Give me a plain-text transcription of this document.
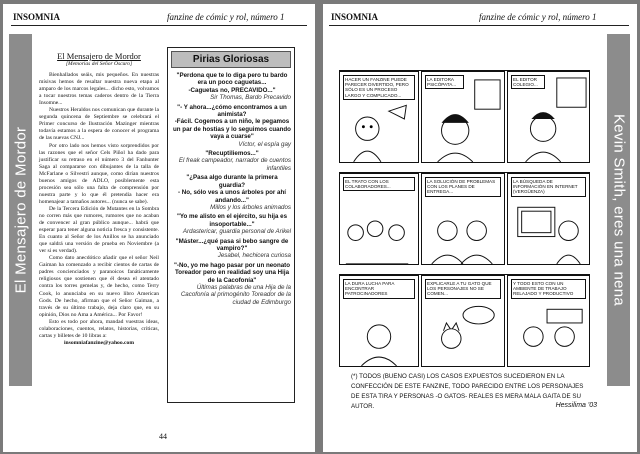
INSOMNIA	fanzine de cómic y rol, número 1
El Mensajero de Mordor

El Mensajero de Mordor

[Memorias del Señor Oscuro]

Bienhallados seáis, mis pequeños. En nuestras mísivas hemos de resaltar nuestra nueva etapa al amparo de los marcos legales... dicho esto, volvamos a tocar nuestros temas caderos dentro de la Tierra Insomne...

Nuestros Heraldos nos comunican que durante la segunda quincena de Septiembre se celebrará el Primer concurso de Ilustración Mazinger mientras todavía estamos a la espera de conocer el programa de las nuevas CNJ...

Por otro lado nos hemos visto sorprendidos por las razones que el señor Cels Piñol ha dado para justificar su retraso en el número 3 del Fanhunter Saga al compararse con dibujantes de la talla de McFarlane o Silvestri aunque, como dirían nuestros buenos amigos de ADLO, posiblemente esta procesión sea sólo una falta de comprensión por nuestra parte y lo que él pretendía hacer era homenajear a tamaños autores... (nunca se sabe).

De la Tercera Edición de Mutantes en la Sombra no corren más que rumores, rumores que no acaban de convencer al gran público aunque... habrá que esperar para tener alguna noticia fresca y consistente. En cuanto al Señor de los Anillos se ha anunciado que saldrá una versión de prueba en Noviembre (a ver si es verdad).

Como dato anecdótico añadir que el señor Neil Gaiman ha comenzado a recibir cientos de cartas de padres concienciados y paranoicos fanáticamente religiosos que sostienen que él desea el atentado contra los torres gemelas y, de hecho, como Terry Cook, lo anunciaba en su nuevo libro American Gods. De hecho, afirman que el Señor Gaiman, a través de su último trabajo, deja claro que, en su opinión, Dios no Ama a América... Por Favor!

Esto es todo por ahora, mandad vuestras ideas, colaboraciones, cuentos, relatos, historias, críticas, cartas y billetes de 10 libras a:

insomniafanzine@yahoo.com

Pirias Gloriosas
"Perdona que te lo diga pero tu bardo era un poco caguetas...
-Caguetas no, PRECAVIDO..."
Sir Thomas, Bardo Precavido
"- Y ahora...¿cómo encontramos a un animista?
-Fácil. Cogemos a un niño, le pegamos un par de hostias y lo seguimos cuando vaya a cuarse"
Víctor, el espía gay
"Recuptiliemos..."
El freak campeador, narrador de cuentos infantiles
"¿Pasa algo durante la primera guardia?
- No, sólo ves a unos árboles por ahí andando..."
Millos y los árboles animados
"Yo me alisto en el ejército, su hija es insoportable..."
Ardastericar, guardia personal de Arikel
"Máster...¿qué pasa si bebo sangre de vampiro?"
Jesabel, hechicera curiosa
"-No, yo me hago pasar por un neonato Toreador pero en realidad soy una Hija de la Cacofonía"
Últimas palabras de una Hija de la Cacofonía al primogénito Toreador de la ciudad de Edimburgo
44
INSOMNIA	fanzine de cómic y rol, número 1
Kevin Smith, eres una nena
HACER UN FANZINE PUEDE PARECER DIVERTIDO, PERO SÓLO ES UN PROCESO LARGO Y COMPLICADO...
LA EDITORA PSICÓPATA...
EL EDITOR COLEGIO...
EL TRATO CON LOS COLABORADORES...
LA SOLUCIÓN DE PROBLEMAS CON LOS PLANES DE ENTREGA...
LA BÚSQUEDA DE INFORMACIÓN EN INTERNET (VERGÜENZA)
LA DURA LUCHA PARA ENCONTRAR PATROCINADORES
EXPLICARLE A TU GATO QUE LOS PERSONAJES NO SE COMEN...
Y TODO ESTO CON UN AMBIENTE DE TRABAJO RELAJADO Y PRODUCTIVO
(*) TODOS (BUENO CASI) LOS CASOS EXPUESTOS SUCEDIERON EN LA CONFECCIÓN DE ESTE FANZINE, TODO PARECIDO ENTRE LOS PERSONAJES DE ESTA TIRA Y PERSONAS -O GATOS- REALES ES MERA MALA GAITA DE SU AUTOR.	Hessilima '03
